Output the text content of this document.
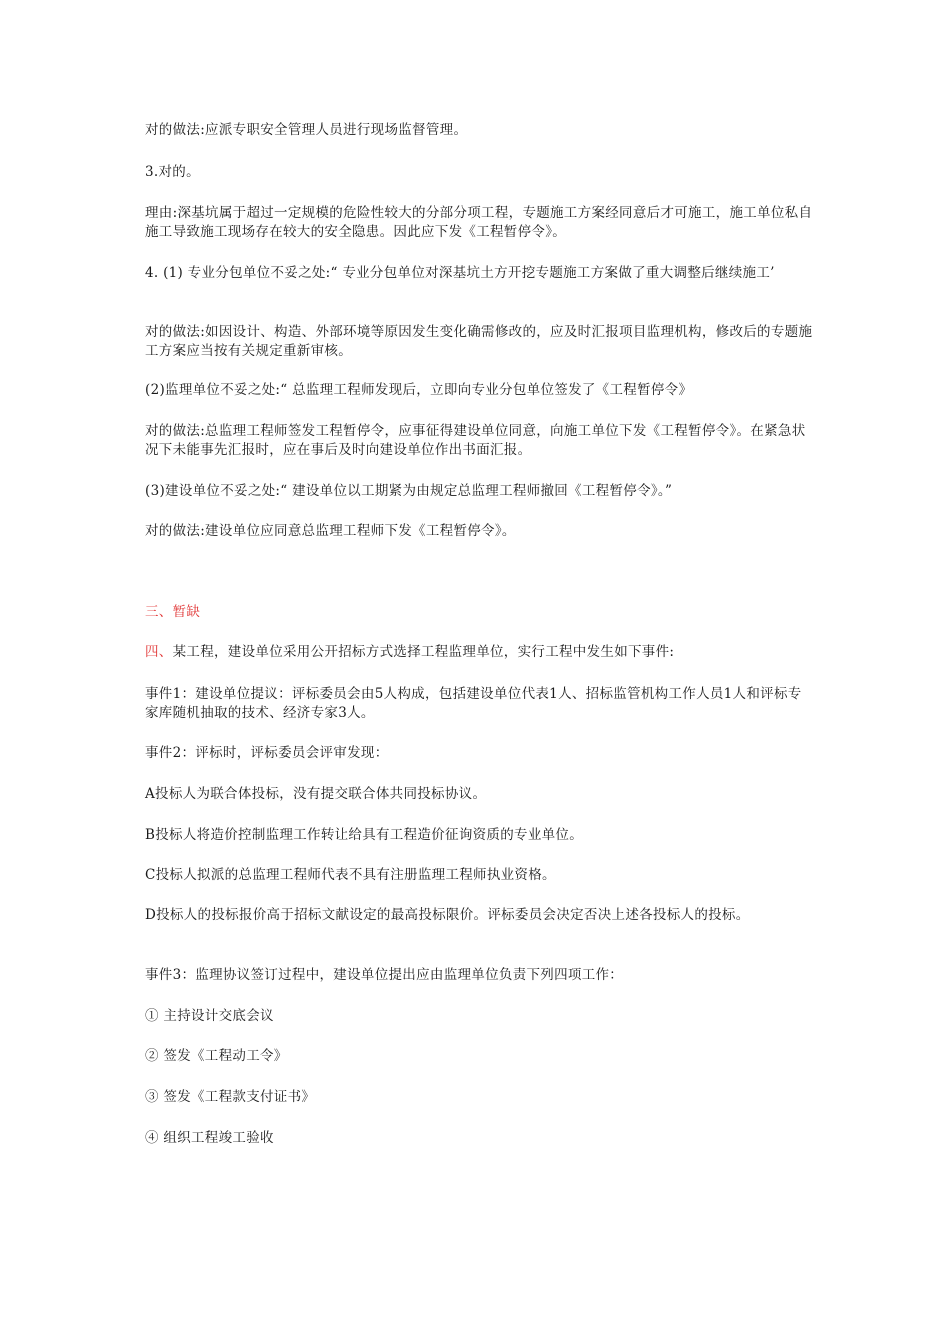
对的做法:应派专职安全管理人员进行现场监督管理。

3.对的。

理由:深基坑属于超过一定规模的危险性较大的分部分项工程，专题施工方案经同意后才可施工，施工单位私自施工导致施工现场存在较大的安全隐患。因此应下发《工程暂停令》。

4. (1) 专业分包单位不妥之处:“ 专业分包单位对深基坑土方开挖专题施工方案做了重大调整后继续施工’

对的做法:如因设计、构造、外部环境等原因发生变化确需修改的，应及时汇报项目监理机构，修改后的专题施工方案应当按有关规定重新审核。

(2)监理单位不妥之处:“ 总监理工程师发现后，立即向专业分包单位签发了《工程暂停令》

对的做法:总监理工程师签发工程暂停令，应事征得建设单位同意，向施工单位下发《工程暂停令》。在紧急状况下未能事先汇报时，应在事后及时向建设单位作出书面汇报。

(3)建设单位不妥之处:“ 建设单位以工期紧为由规定总监理工程师撤回《工程暂停令》。”

对的做法:建设单位应同意总监理工程师下发《工程暂停令》。

三、暂缺

四、某工程，建设单位采用公开招标方式选择工程监理单位，实行工程中发生如下事件:

事件1：建设单位提议：评标委员会由5人构成，包括建设单位代表1人、招标监管机构工作人员1人和评标专家库随机抽取的技术、经济专家3人。

事件2：评标时，评标委员会评审发现：

A投标人为联合体投标，没有提交联合体共同投标协议。

B投标人将造价控制监理工作转让给具有工程造价征询资质的专业单位。

C投标人拟派的总监理工程师代表不具有注册监理工程师执业资格。

D投标人的投标报价高于招标文献设定的最高投标限价。评标委员会决定否决上述各投标人的投标。

事件3：监理协议签订过程中，建设单位提出应由监理单位负责下列四项工作：

① 主持设计交底会议

② 签发《工程动工令》

③ 签发《工程款支付证书》

④ 组织工程竣工验收
